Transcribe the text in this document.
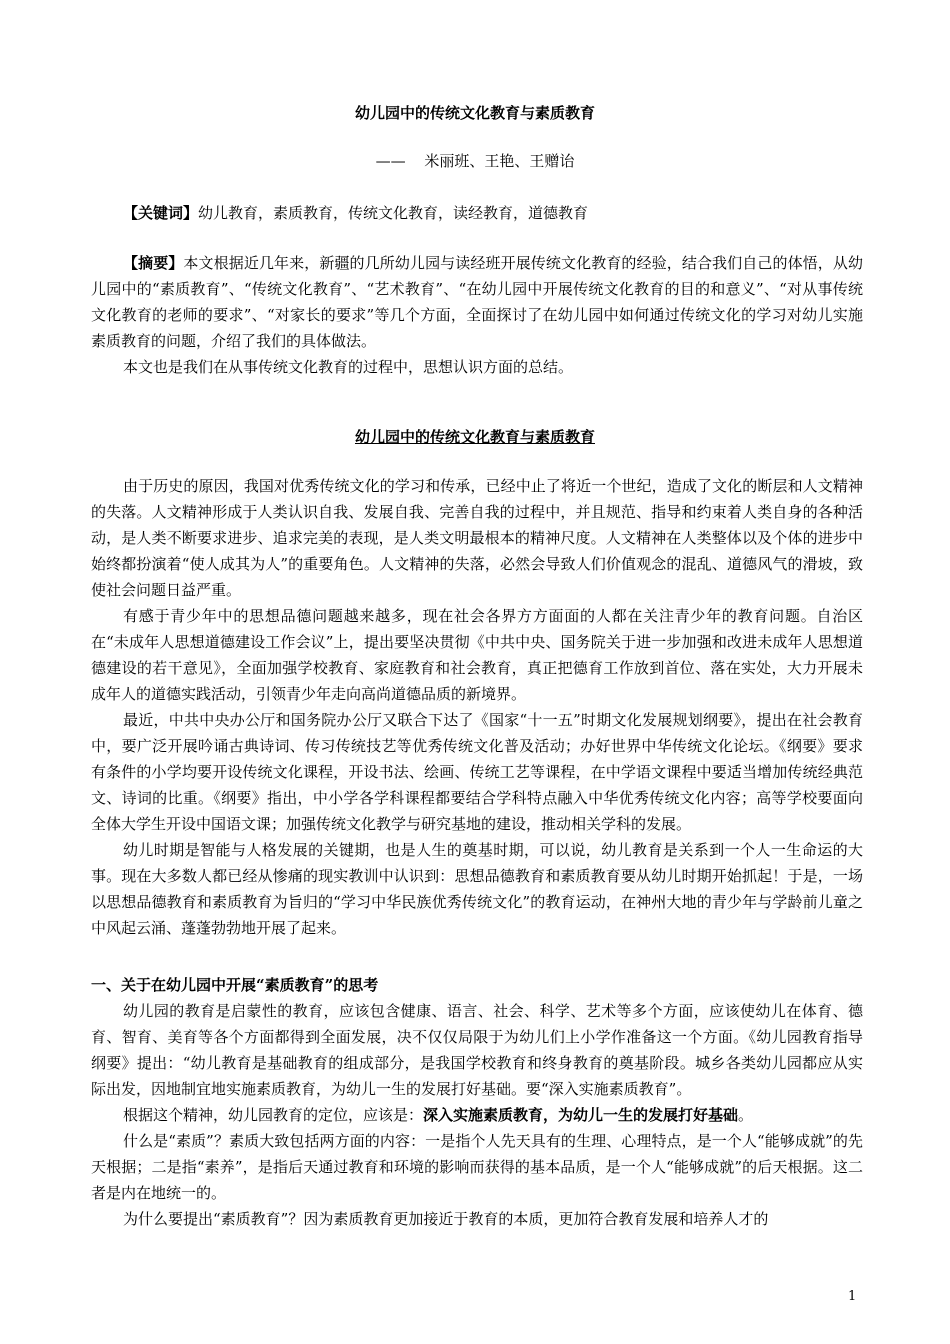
幼儿园中的传统文化教育与素质教育
—— 米丽班、王艳、王赠诒
【关键词】幼儿教育，素质教育，传统文化教育，读经教育，道德教育

【摘要】本文根据近几年来，新疆的几所幼儿园与读经班开展传统文化教育的经验，结合我们自己的体悟，从幼儿园中的“素质教育”、“传统文化教育”、“艺术教育”、“在幼儿园中开展传统文化教育的目的和意义”、“对从事传统文化教育的老师的要求”、“对家长的要求”等几个方面，全面探讨了在幼儿园中如何通过传统文化的学习对幼儿实施素质教育的问题，介绍了我们的具体做法。

本文也是我们在从事传统文化教育的过程中，思想认识方面的总结。

幼儿园中的传统文化教育与素质教育

由于历史的原因，我国对优秀传统文化的学习和传承，已经中止了将近一个世纪，造成了文化的断层和人文精神的失落。人文精神形成于人类认识自我、发展自我、完善自我的过程中，并且规范、指导和约束着人类自身的各种活动，是人类不断要求进步、追求完美的表现，是人类文明最根本的精神尺度。人文精神在人类整体以及个体的进步中始终都扮演着“使人成其为人”的重要角色。人文精神的失落，必然会导致人们价值观念的混乱、道德风气的滑坡，致使社会问题日益严重。

有感于青少年中的思想品德问题越来越多，现在社会各界方方面面的人都在关注青少年的教育问题。自治区在“未成年人思想道德建设工作会议”上，提出要坚决贯彻《中共中央、国务院关于进一步加强和改进未成年人思想道德建设的若干意见》，全面加强学校教育、家庭教育和社会教育，真正把德育工作放到首位、落在实处，大力开展未成年人的道德实践活动，引领青少年走向高尚道德品质的新境界。

最近，中共中央办公厅和国务院办公厅又联合下达了《国家“十一五”时期文化发展规划纲要》，提出在社会教育中，要广泛开展吟诵古典诗词、传习传统技艺等优秀传统文化普及活动；办好世界中华传统文化论坛。《纲要》要求有条件的小学均要开设传统文化课程，开设书法、绘画、传统工艺等课程，在中学语文课程中要适当增加传统经典范文、诗词的比重。《纲要》指出，中小学各学科课程都要结合学科特点融入中华优秀传统文化内容；高等学校要面向全体大学生开设中国语文课；加强传统文化教学与研究基地的建设，推动相关学科的发展。

幼儿时期是智能与人格发展的关键期，也是人生的奠基时期，可以说，幼儿教育是关系到一个人一生命运的大事。现在大多数人都已经从惨痛的现实教训中认识到：思想品德教育和素质教育要从幼儿时期开始抓起！于是，一场以思想品德教育和素质教育为旨归的“学习中华民族优秀传统文化”的教育运动，在神州大地的青少年与学龄前儿童之中风起云涌、蓬蓬勃勃地开展了起来。

一、关于在幼儿园中开展“素质教育”的思考

幼儿园的教育是启蒙性的教育，应该包含健康、语言、社会、科学、艺术等多个方面，应该使幼儿在体育、德育、智育、美育等各个方面都得到全面发展，决不仅仅局限于为幼儿们上小学作准备这一个方面。《幼儿园教育指导纲要》提出：“幼儿教育是基础教育的组成部分，是我国学校教育和终身教育的奠基阶段。城乡各类幼儿园都应从实际出发，因地制宜地实施素质教育，为幼儿一生的发展打好基础。要“深入实施素质教育”。

根据这个精神，幼儿园教育的定位，应该是：深入实施素质教育，为幼儿一生的发展打好基础。

什么是“素质”？素质大致包括两方面的内容：一是指个人先天具有的生理、心理特点，是一个人“能够成就”的先天根据；二是指“素养”，是指后天通过教育和环境的影响而获得的基本品质，是一个人“能够成就”的后天根据。这二者是内在地统一的。

为什么要提出“素质教育”？因为素质教育更加接近于教育的本质，更加符合教育发展和培养人才的

1
